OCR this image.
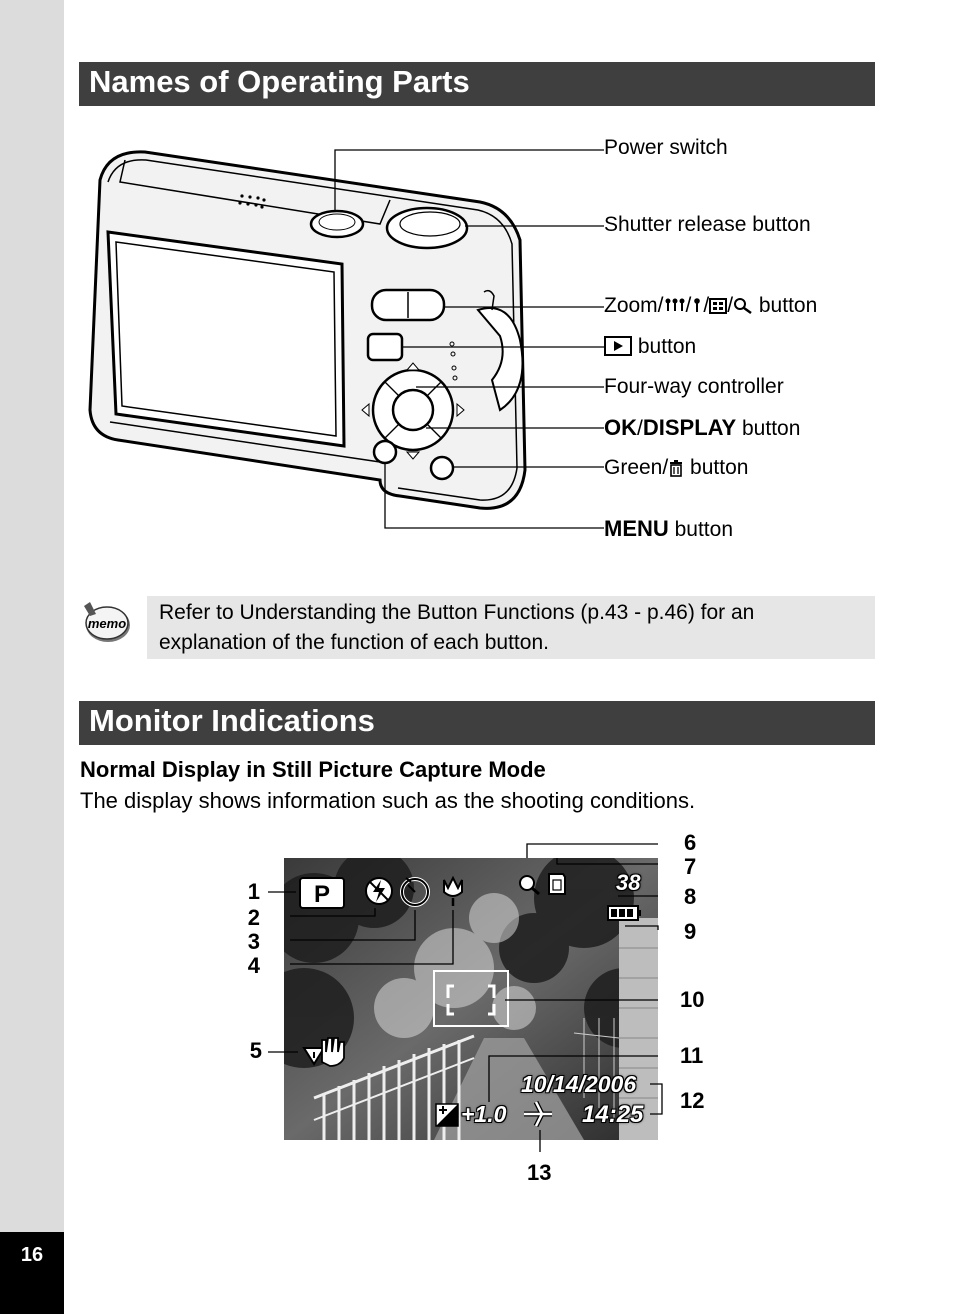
16
Names of Operating Parts
Power switch
Shutter release button
Zoom/ / / / button
button
Four-way controller
OK/DISPLAY button
Green/ button
MENU button
memo	Refer to Understanding the Button Functions (p.43 - p.46) for an explanation of the function of each button.
Monitor Indications
Normal Display in Still Picture Capture Mode
The display shows information such as the shooting conditions.
P	38
+1.0
10/14/2006
14:25
1
2
3
4
5
6
7
8
9
10
11
12
13
